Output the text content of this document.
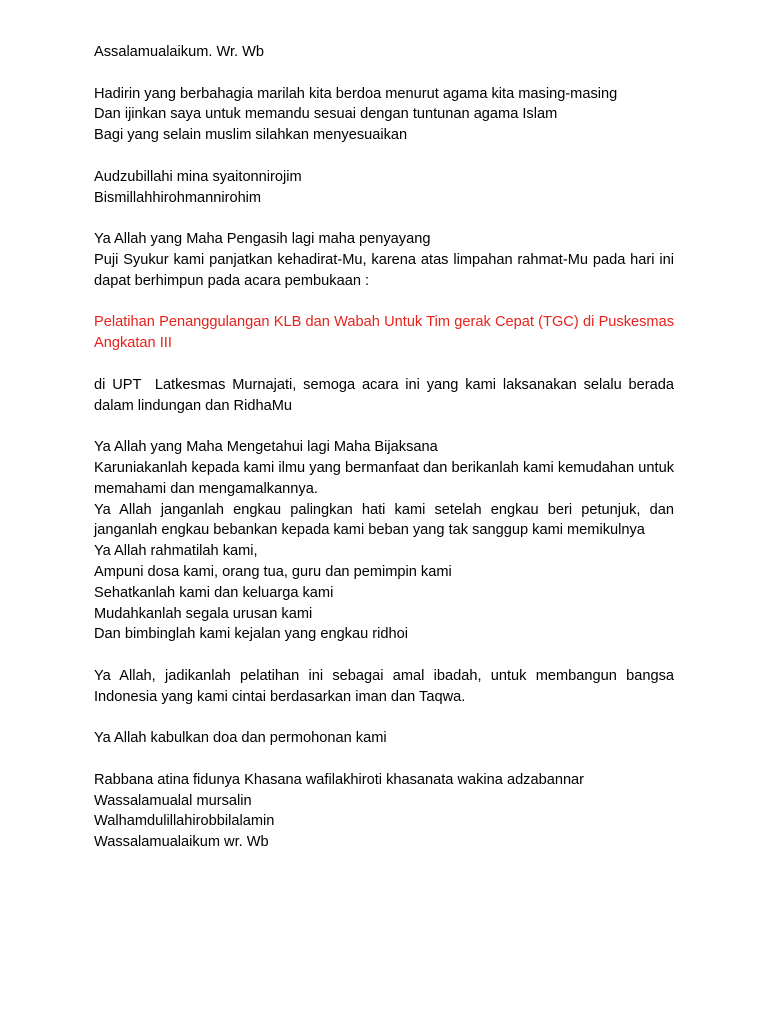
Assalamualaikum. Wr. Wb

Hadirin yang berbahagia marilah kita berdoa menurut agama kita masing-masing
Dan ijinkan saya untuk memandu sesuai dengan tuntunan agama Islam
Bagi yang selain muslim silahkan menyesuaikan
Audzubillahi mina syaitonnirojim
Bismillahhirohmannirohim
Ya Allah yang Maha Pengasih lagi maha penyayang
Puji Syukur kami panjatkan kehadirat-Mu, karena atas limpahan rahmat-Mu pada hari ini dapat berhimpun pada acara pembukaan :

Pelatihan Penanggulangan KLB dan Wabah Untuk Tim gerak Cepat (TGC) di Puskesmas Angkatan III

di UPT  Latkesmas Murnajati, semoga acara ini yang kami laksanakan selalu berada dalam lindungan dan RidhaMu

Ya Allah yang Maha Mengetahui lagi Maha Bijaksana
Karuniakanlah kepada kami ilmu yang bermanfaat dan berikanlah kami kemudahan untuk memahami dan mengamalkannya.
Ya Allah janganlah engkau palingkan hati kami setelah engkau beri petunjuk, dan janganlah engkau bebankan kepada kami beban yang tak sanggup kami memikulnya
Ya Allah rahmatilah kami,
Ampuni dosa kami, orang tua, guru dan pemimpin kami
Sehatkanlah kami dan keluarga kami
Mudahkanlah segala urusan kami
Dan bimbinglah kami kejalan yang engkau ridhoi

Ya Allah, jadikanlah pelatihan ini sebagai amal ibadah, untuk membangun bangsa Indonesia yang kami cintai berdasarkan iman dan Taqwa.

Ya Allah kabulkan doa dan permohonan kami

Rabbana atina fidunya Khasana wafilakhiroti khasanata wakina adzabannar
Wassalamualal mursalin
Walhamdulillahirobbilalamin
Wassalamualaikum wr. Wb
